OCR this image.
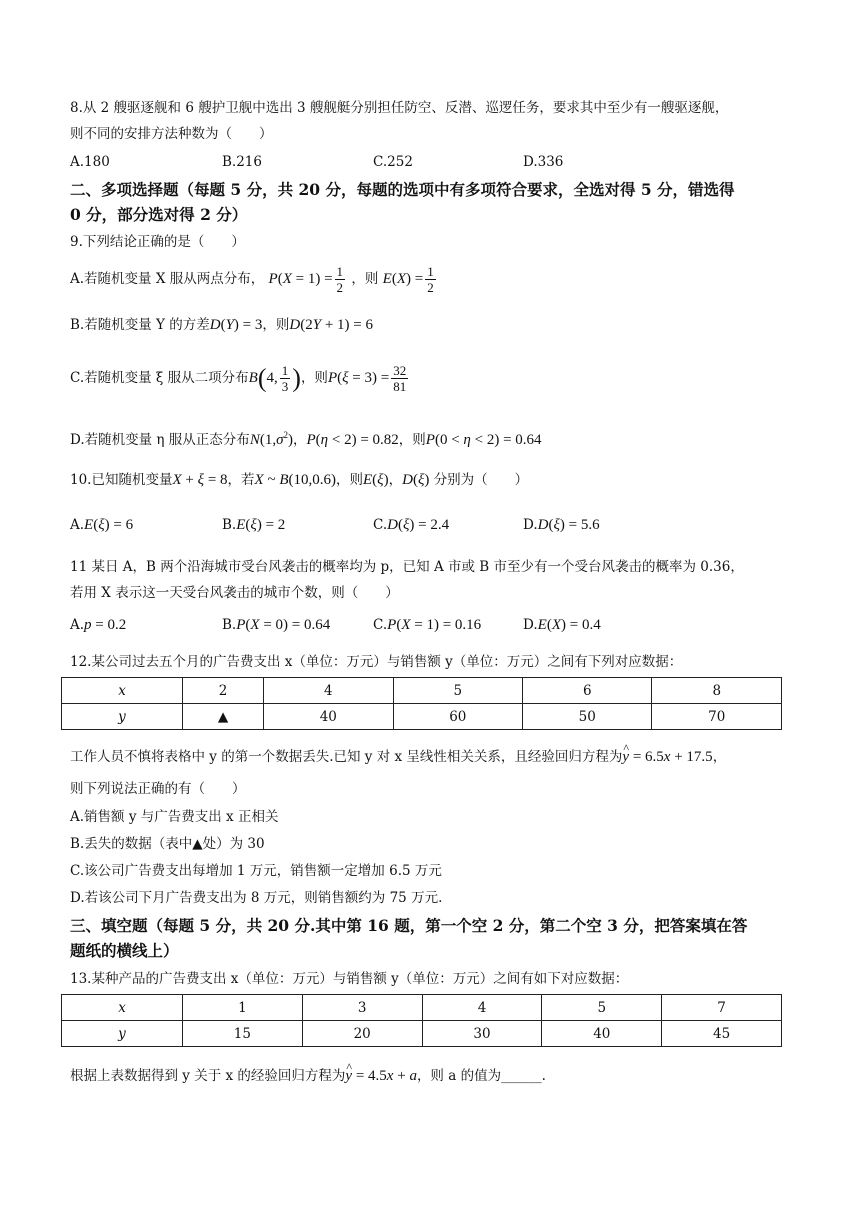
8.从 2 艘驱逐舰和 6 艘护卫舰中选出 3 艘舰艇分别担任防空、反潜、巡逻任务，要求其中至少有一艘驱逐舰，
则不同的安排方法种数为（　　）
A.180	B.216	C.252	D.336
二、多项选择题（每题 5 分，共 20 分，每题的选项中有多项符合要求，全选对得 5 分，错选得
0 分，部分选对得 2 分）
9.下列结论正确的是（　　）
A.若随机变量 X 服从两点分布， $P(X = 1) = \frac{1}{2}$ ，则 $E(X) = \frac{1}{2}$
B.若随机变量 Y 的方差D(Y) = 3，则D(2Y + 1) = 6
C.若随机变量 ξ 服从二项分布B(4, $\frac{1}{3}$ )，则$P(\xi = 3) = \frac{32}{81}$
D.若随机变量 η 服从正态分布$N(1,\sigma^2)$，P(η < 2) = 0.82，则P(0 < η < 2) = 0.64
10.已知随机变量X + ξ = 8，若X ~ B(10,0.6)，则E(ξ)，D(ξ) 分别为（　　）
A.E(ξ) = 6	B.E(ξ) = 2	C.D(ξ) = 2.4	D.D(ξ) = 5.6
11 某日 A，B 两个沿海城市受台风袭击的概率均为 p，已知 A 市或 B 市至少有一个受台风袭击的概率为 0.36，
若用 X 表示这一天受台风袭击的城市个数，则（　　）
A.p = 0.2	B.P(X = 0) = 0.64	C.P(X = 1) = 0.16	D.E(X) = 0.4
12.某公司过去五个月的广告费支出 x（单位：万元）与销售额 y（单位：万元）之间有下列对应数据：
x	2	4	5	6	8
y	▲	40	60	50	70
工作人员不慎将表格中 y 的第一个数据丢失.已知 y 对 x 呈线性相关关系，且经验回归方程为^ y = 6.5x + 17.5，
则下列说法正确的有（　　）
A.销售额 y 与广告费支出 x 正相关
B.丢失的数据（表中▲处）为 30
C.该公司广告费支出每增加 1 万元，销售额一定增加 6.5 万元
D.若该公司下月广告费支出为 8 万元，则销售额约为 75 万元.
三、填空题（每题 5 分，共 20 分.其中第 16 题，第一个空 2 分，第二个空 3 分，把答案填在答
题纸的横线上）
13.某种产品的广告费支出 x（单位：万元）与销售额 y（单位：万元）之间有如下对应数据：
x	1	3	4	5	7
y	15	20	30	40	45
根据上表数据得到 y 关于 x 的经验回归方程为^ y = 4.5x + a，则 a 的值为______.
